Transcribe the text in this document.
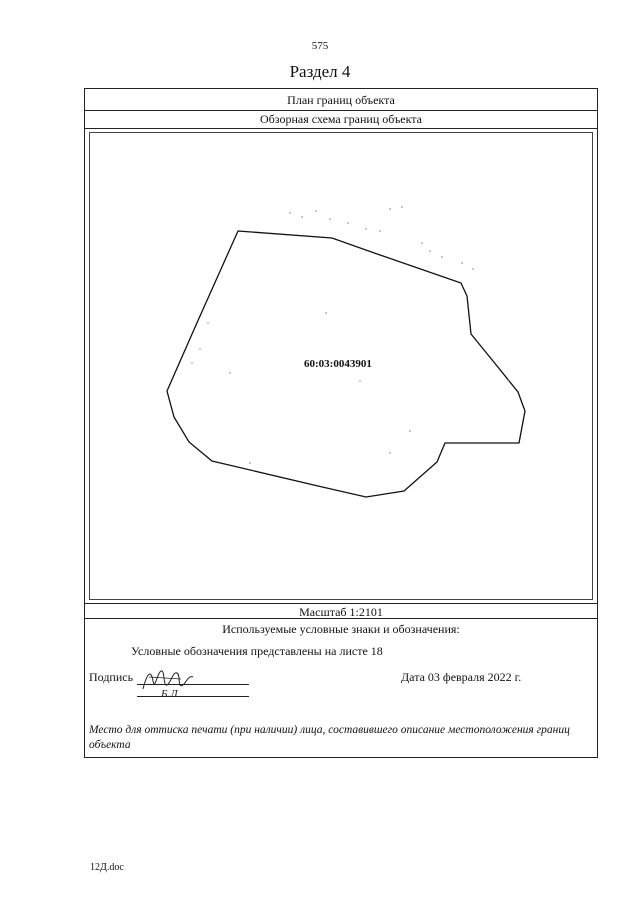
575
Раздел 4
План границ объекта
Обзорная схема границ объекта
60:03:0043901
Масштаб 1:2101
Используемые условные знаки и обозначения:
Условные обозначения представлены на листе 18
Подпись
Б.Л
Дата 03 февраля 2022 г.
Место для оттиска печати (при наличии) лица, составившего описание местоположения границ объекта
12Д.doc
